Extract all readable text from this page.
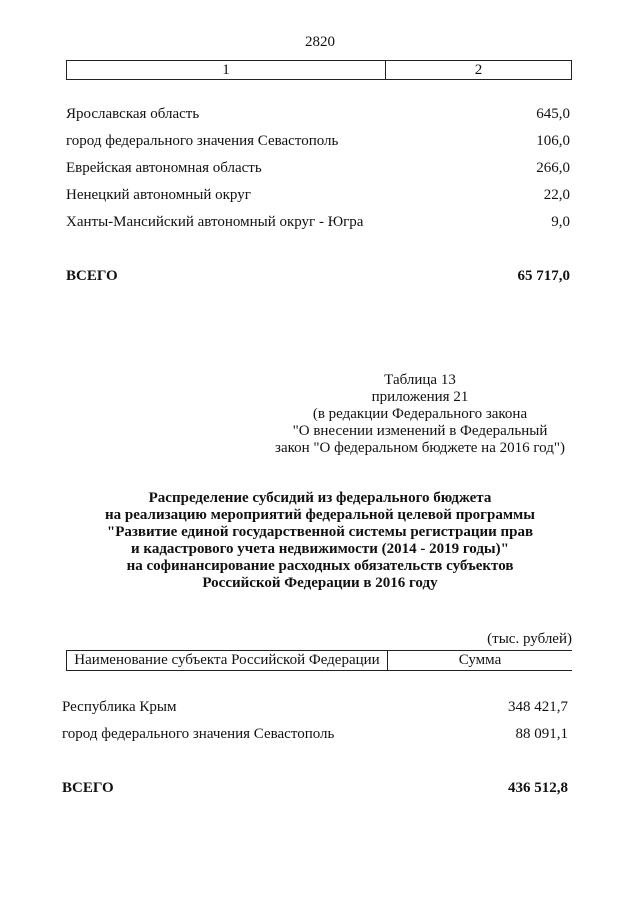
2820
1	2
Ярославская область	645,0
город федерального значения Севастополь	106,0
Еврейская автономная область	266,0
Ненецкий автономный округ	22,0
Ханты-Мансийский автономный округ - Югра	9,0
ВСЕГО	65 717,0
Таблица 13
приложения 21
(в редакции Федерального закона
"О внесении изменений в Федеральный
закон "О федеральном бюджете на 2016 год")
Распределение субсидий из федерального бюджета
на реализацию мероприятий федеральной целевой программы
"Развитие единой государственной системы регистрации прав
и кадастрового учета недвижимости (2014 - 2019 годы)"
на софинансирование расходных обязательств субъектов
Российской Федерации в 2016 году
(тыс. рублей)
Наименование субъекта Российской Федерации	Сумма
Республика Крым	348 421,7
город федерального значения Севастополь	88 091,1
ВСЕГО	436 512,8
